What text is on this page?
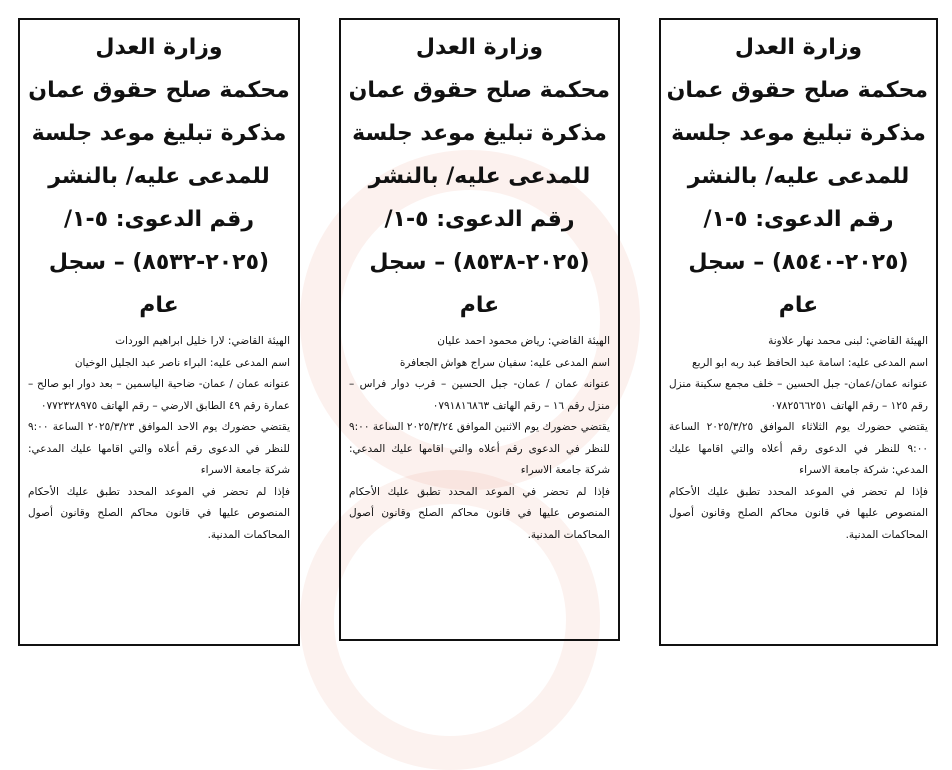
وزارة العدل
محكمة صلح حقوق عمان
مذكرة تبليغ موعد جلسة
للمدعى عليه/ بالنشر
رقم الدعوى: ٥-١/
(٢٠٢٥-٨٥٣٢) – سجل
عام

الهيئة القاضي: لارا خليل ابراهيم الوردات

اسم المدعى عليه: البراء ناصر عبد الجليل الوخيان

عنوانه عمان / عمان- ضاحية الياسمين – بعد دوار ابو صالح – عمارة رقم ٤٩ الطابق الارضي – رقم الهاتف ٠٧٧٢٣٢٨٩٧٥

يقتضي حضورك يوم الاحد الموافق ٢٠٢٥/٣/٢٣ الساعة ٩:٠٠ للنظر في الدعوى رقم أعلاه والتي اقامها عليك المدعي: شركة جامعة الاسراء

فإذا لم تحضر في الموعد المحدد تطبق عليك الأحكام المنصوص عليها في قانون محاكم الصلح وقانون أصول المحاكمات المدنية.

وزارة العدل
محكمة صلح حقوق عمان
مذكرة تبليغ موعد جلسة
للمدعى عليه/ بالنشر
رقم الدعوى: ٥-١/
(٢٠٢٥-٨٥٣٨) – سجل
عام

الهيئة القاضي: رياض محمود احمد عليان

اسم المدعى عليه: سفيان سراج هواش الجعافرة

عنوانه عمان / عمان- جبل الحسين – قرب دوار فراس – منزل رقم ١٦ – رقم الهاتف ٠٧٩١٨١٦٨٦٣

يقتضي حضورك يوم الاثنين الموافق ٢٠٢٥/٣/٢٤ الساعة ٩:٠٠ للنظر في الدعوى رقم أعلاه والتي اقامها عليك المدعي: شركة جامعة الاسراء

فإذا لم تحضر في الموعد المحدد تطبق عليك الأحكام المنصوص عليها في قانون محاكم الصلح وقانون أصول المحاكمات المدنية.

وزارة العدل
محكمة صلح حقوق عمان
مذكرة تبليغ موعد جلسة
للمدعى عليه/ بالنشر
رقم الدعوى: ٥-١/
(٢٠٢٥-٨٥٤٠) – سجل
عام

الهيئة القاضي: لبنى محمد نهار علاونة

اسم المدعى عليه: اسامة عبد الحافظ عبد ربه ابو الربع

عنوانه عمان/عمان- جبل الحسين – خلف مجمع سكينة منزل رقم ١٢٥ – رقم الهاتف ٠٧٨٢٥٦٦٢٥١

يقتضي حضورك يوم الثلاثاء الموافق ٢٠٢٥/٣/٢٥ الساعة ٩:٠٠ للنظر في الدعوى رقم أعلاه والتي اقامها عليك المدعي: شركة جامعة الاسراء

فإذا لم تحضر في الموعد المحدد تطبق عليك الأحكام المنصوص عليها في قانون محاكم الصلح وقانون أصول المحاكمات المدنية.
